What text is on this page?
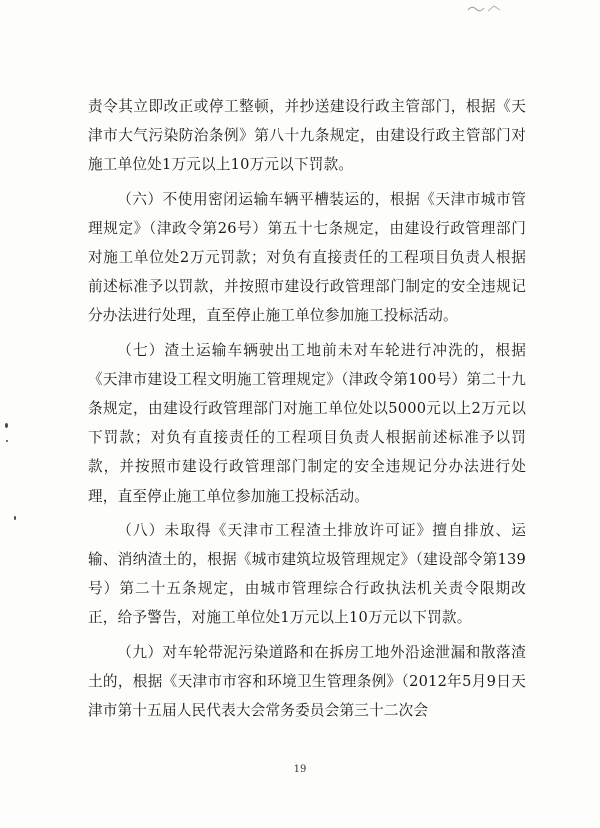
责令其立即改正或停工整顿，并抄送建设行政主管部门，根据《天津市大气污染防治条例》第八十九条规定，由建设行政主管部门对施工单位处1万元以上10万元以下罚款。

（六）不使用密闭运输车辆平槽装运的，根据《天津市城市管理规定》（津政令第26号）第五十七条规定，由建设行政管理部门对施工单位处2万元罚款；对负有直接责任的工程项目负责人根据前述标准予以罚款，并按照市建设行政管理部门制定的安全违规记分办法进行处理，直至停止施工单位参加施工投标活动。

（七）渣土运输车辆驶出工地前未对车轮进行冲洗的，根据《天津市建设工程文明施工管理规定》（津政令第100号）第二十九条规定，由建设行政管理部门对施工单位处以5000元以上2万元以下罚款；对负有直接责任的工程项目负责人根据前述标准予以罚款，并按照市建设行政管理部门制定的安全违规记分办法进行处理，直至停止施工单位参加施工投标活动。

（八）未取得《天津市工程渣土排放许可证》擅自排放、运输、消纳渣土的，根据《城市建筑垃圾管理规定》（建设部令第139号）第二十五条规定，由城市管理综合行政执法机关责令限期改正，给予警告，对施工单位处1万元以上10万元以下罚款。

（九）对车轮带泥污染道路和在拆房工地外沿途泄漏和散落渣土的，根据《天津市市容和环境卫生管理条例》（2012年5月9日天津市第十五届人民代表大会常务委员会第三十二次会

19
